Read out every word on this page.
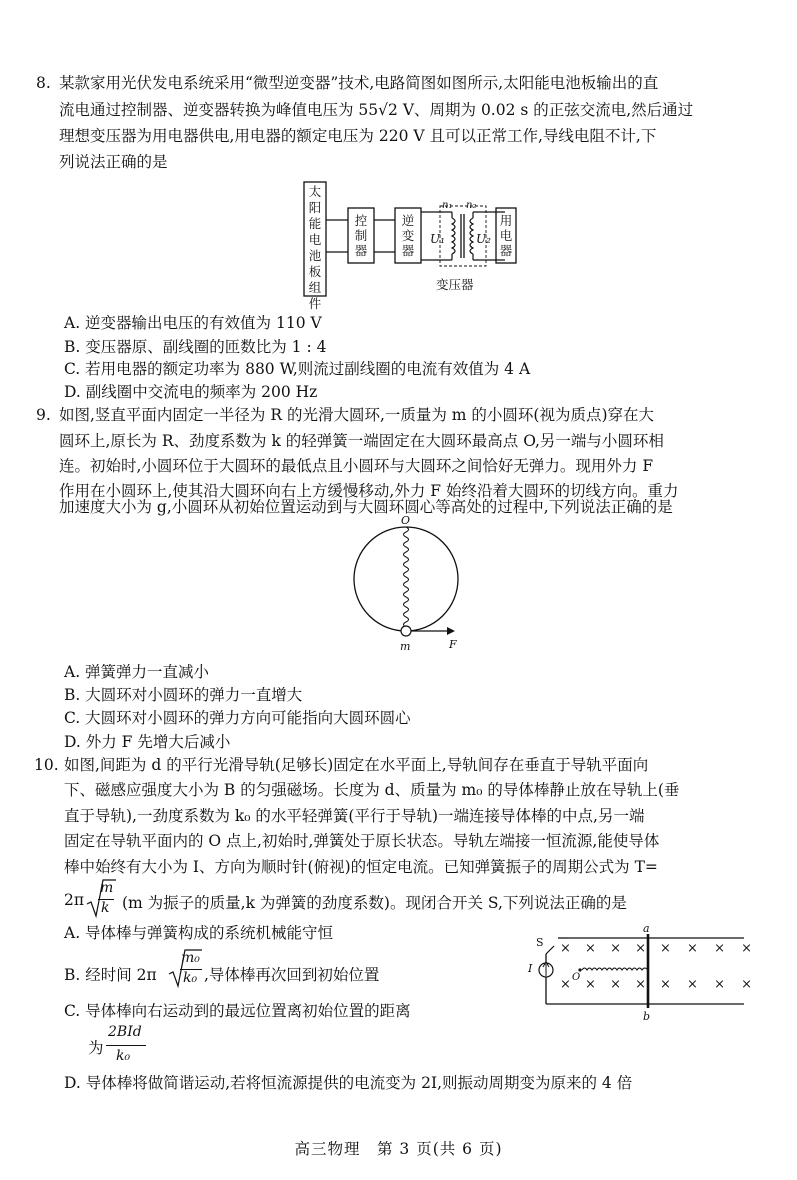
8. 某款家用光伏发电系统采用“微型逆变器”技术,电路简图如图所示,太阳能电池板输出的直
流电通过控制器、逆变器转换为峰值电压为 55√2 V、周期为 0.02 s 的正弦交流电,然后通过
理想变压器为用电器供电,用电器的额定电压为 220 V 且可以正常工作,导线电阻不计,下
列说法正确的是
太阳能电池板组件
控制器
逆变器
用电器
n₁ n₂
U₁	U₂
变压器
A. 逆变器输出电压的有效值为 110 V
B. 变压器原、副线圈的匝数比为 1 : 4
C. 若用电器的额定功率为 880 W,则流过副线圈的电流有效值为 4 A
D. 副线圈中交流电的频率为 200 Hz
9. 如图,竖直平面内固定一半径为 R 的光滑大圆环,一质量为 m 的小圆环(视为质点)穿在大
圆环上,原长为 R、劲度系数为 k 的轻弹簧一端固定在大圆环最高点 O,另一端与小圆环相
连。初始时,小圆环位于大圆环的最低点且小圆环与大圆环之间恰好无弹力。现用外力 F
作用在小圆环上,使其沿大圆环向右上方缓慢移动,外力 F 始终沿着大圆环的切线方向。重力
加速度大小为 g,小圆环从初始位置运动到与大圆环圆心等高处的过程中,下列说法正确的是
O
m	F
A. 弹簧弹力一直减小
B. 大圆环对小圆环的弹力一直增大
C. 大圆环对小圆环的弹力方向可能指向大圆环圆心
D. 外力 F 先增大后减小
10. 如图,间距为 d 的平行光滑导轨(足够长)固定在水平面上,导轨间存在垂直于导轨平面向
下、磁感应强度大小为 B 的匀强磁场。长度为 d、质量为 m₀ 的导体棒静止放在导轨上(垂
直于导轨),一劲度系数为 k₀ 的水平轻弹簧(平行于导轨)一端连接导体棒的中点,另一端
固定在导轨平面内的 O 点上,初始时,弹簧处于原长状态。导轨左端接一恒流源,能使导体
棒中始终有大小为 I、方向为顺时针(俯视)的恒定电流。已知弹簧振子的周期公式为 T=
2π
m
k (m 为振子的质量,k 为弹簧的劲度系数)。现闭合开关 S,下列说法正确的是
A. 导体棒与弹簧构成的系统机械能守恒
B. 经时间 2π
m₀
k₀ ,导体棒再次回到初始位置
C. 导体棒向右运动到的最远位置离初始位置的距离
为
2BId
k₀
D. 导体棒将做简谐运动,若将恒流源提供的电流变为 2I,则振动周期变为原来的 4 倍
× × × ×
× × × ×
× × × ×
× × × ×
S
I
O
a
b
高三物理　第 3 页(共 6 页)
